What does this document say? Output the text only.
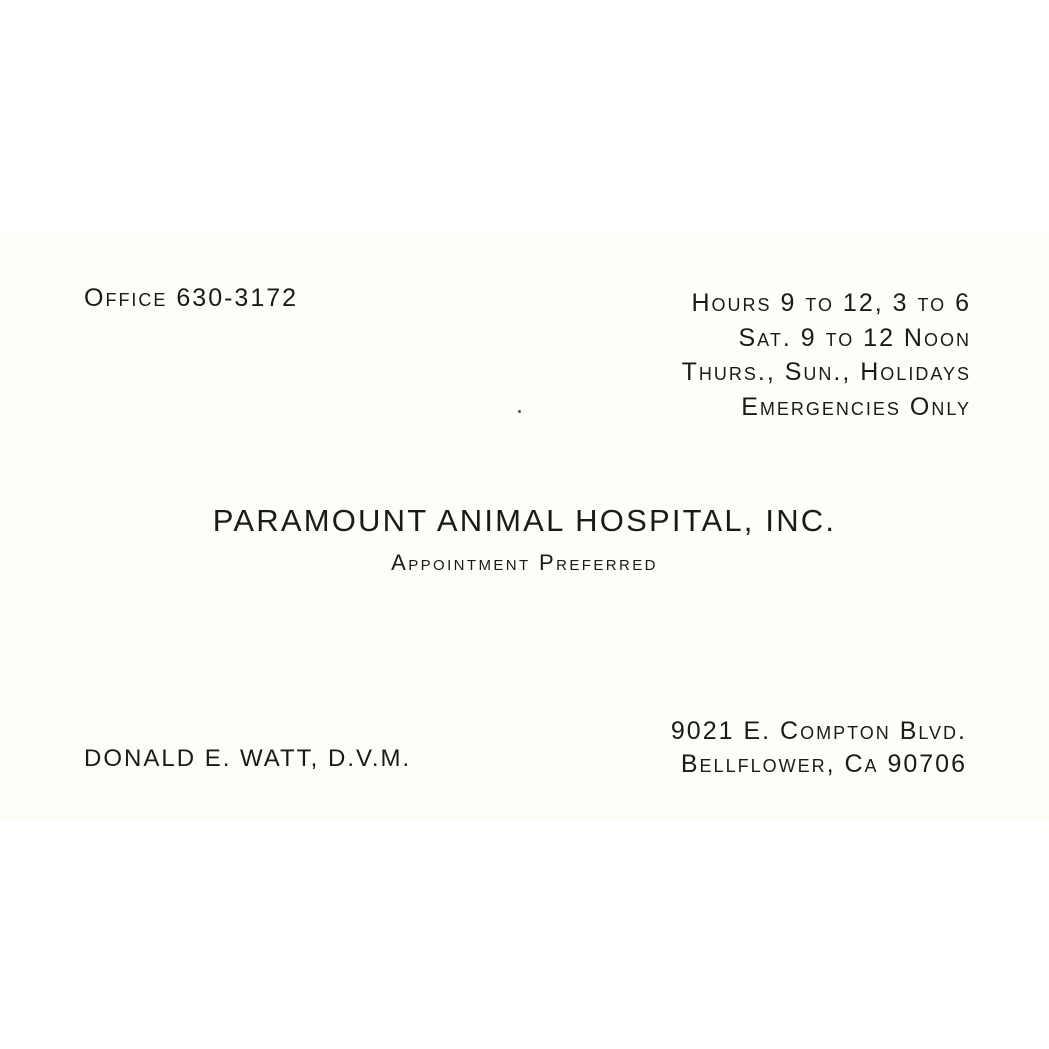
Office 630-3172	Hours 9 to 12, 3 to 6
Sat. 9 to 12 Noon
Thurs., Sun., Holidays
Emergencies Only
PARAMOUNT ANIMAL HOSPITAL, INC.
Appointment Preferred
9021 E. Compton Blvd.
Bellflower, Ca 90706
DONALD E. WATT, D.V.M.
